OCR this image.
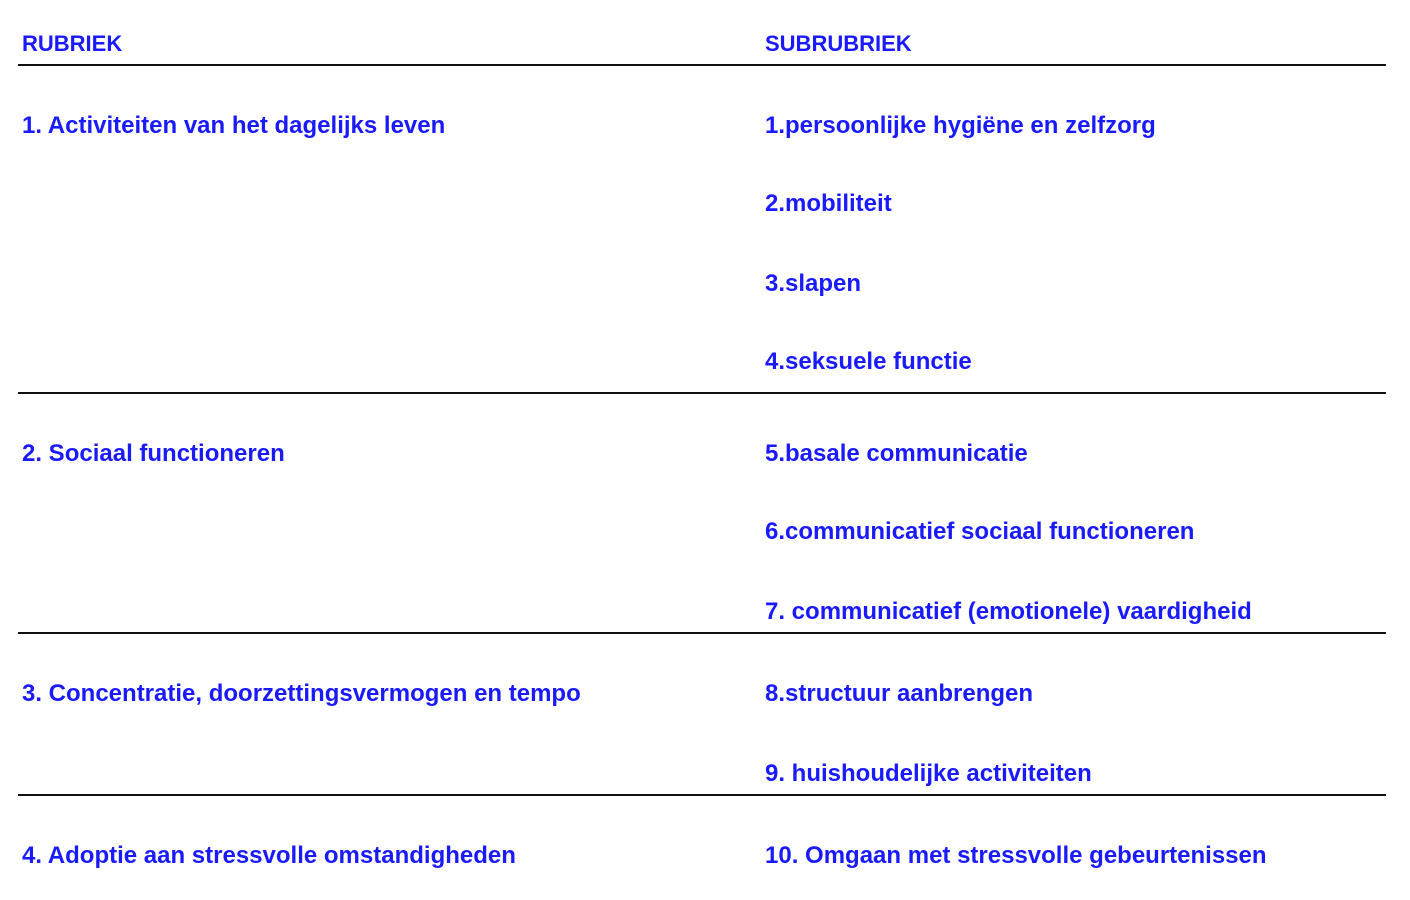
RUBRIEK	SUBRUBRIEK
1. Activiteiten van het dagelijks leven	1.persoonlijke hygiëne en zelfzorg
2.mobiliteit
3.slapen
4.seksuele functie
2. Sociaal functioneren	5.basale communicatie
6.communicatief sociaal functioneren
7. communicatief (emotionele) vaardigheid
3. Concentratie, doorzettingsvermogen en tempo	8.structuur aanbrengen
9. huishoudelijke activiteiten
4. Adoptie aan stressvolle omstandigheden	10. Omgaan met stressvolle gebeurtenissen
